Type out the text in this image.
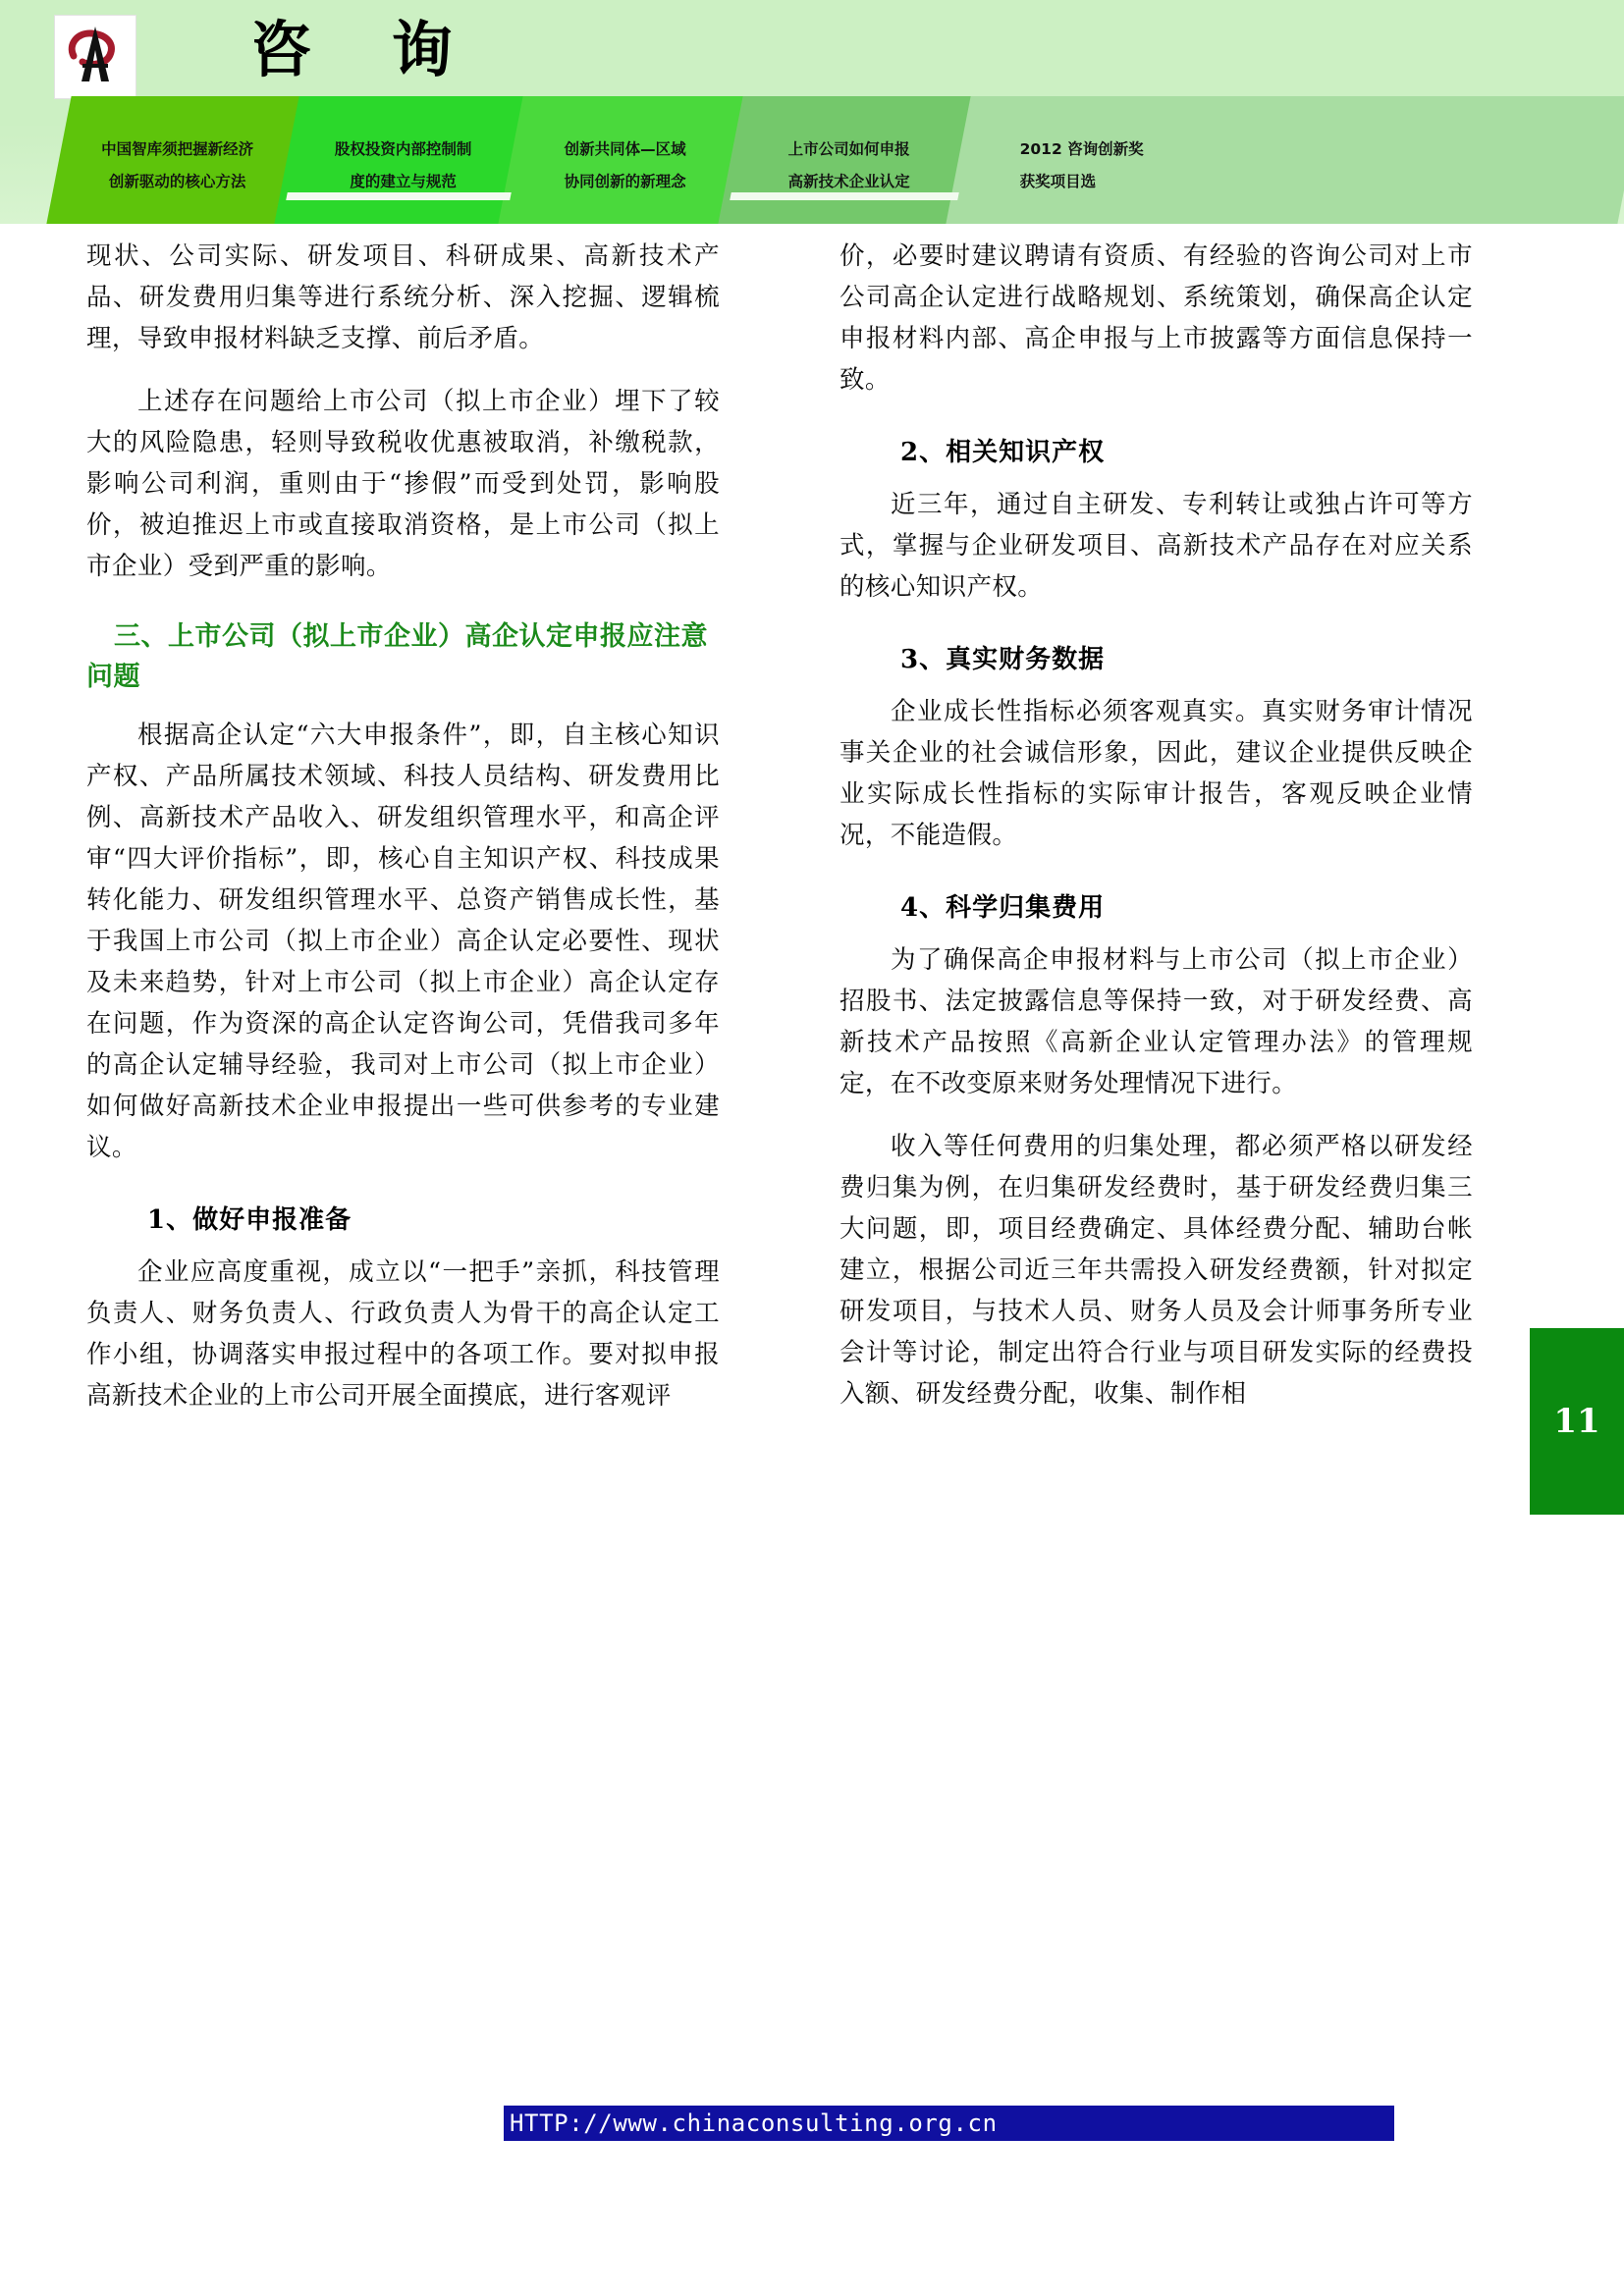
咨 询
中国智库须把握新经济
创新驱动的核心方法
股权投资内部控制制
度的建立与规范
创新共同体—区域
协同创新的新理念
上市公司如何申报
高新技术企业认定
2012 咨询创新奖
获奖项目选

现状、公司实际、研发项目、科研成果、高新技术产品、研发费用归集等进行系统分析、深入挖掘、逻辑梳理，导致申报材料缺乏支撑、前后矛盾。

上述存在问题给上市公司（拟上市企业）埋下了较大的风险隐患，轻则导致税收优惠被取消，补缴税款，影响公司利润，重则由于“掺假”而受到处罚，影响股价，被迫推迟上市或直接取消资格，是上市公司（拟上市企业）受到严重的影响。

三、上市公司（拟上市企业）高企认定申报应注意问题

根据高企认定“六大申报条件”，即，自主核心知识产权、产品所属技术领域、科技人员结构、研发费用比例、高新技术产品收入、研发组织管理水平，和高企评审“四大评价指标”，即，核心自主知识产权、科技成果转化能力、研发组织管理水平、总资产销售成长性，基于我国上市公司（拟上市企业）高企认定必要性、现状及未来趋势，针对上市公司（拟上市企业）高企认定存在问题，作为资深的高企认定咨询公司，凭借我司多年的高企认定辅导经验，我司对上市公司（拟上市企业）如何做好高新技术企业申报提出一些可供参考的专业建议。

1、做好申报准备

企业应高度重视，成立以“一把手”亲抓，科技管理负责人、财务负责人、行政负责人为骨干的高企认定工作小组，协调落实申报过程中的各项工作。要对拟申报高新技术企业的上市公司开展全面摸底，进行客观评

价，必要时建议聘请有资质、有经验的咨询公司对上市公司高企认定进行战略规划、系统策划，确保高企认定申报材料内部、高企申报与上市披露等方面信息保持一致。

2、相关知识产权

近三年，通过自主研发、专利转让或独占许可等方式，掌握与企业研发项目、高新技术产品存在对应关系的核心知识产权。

3、真实财务数据

企业成长性指标必须客观真实。真实财务审计情况事关企业的社会诚信形象，因此，建议企业提供反映企业实际成长性指标的实际审计报告，客观反映企业情况，不能造假。

4、科学归集费用

为了确保高企申报材料与上市公司（拟上市企业）招股书、法定披露信息等保持一致，对于研发经费、高新技术产品按照《高新企业认定管理办法》的管理规定，在不改变原来财务处理情况下进行。

收入等任何费用的归集处理，都必须严格以研发经费归集为例，在归集研发经费时，基于研发经费归集三大问题，即，项目经费确定、具体经费分配、辅助台帐建立，根据公司近三年共需投入研发经费额，针对拟定研发项目，与技术人员、财务人员及会计师事务所专业会计等讨论，制定出符合行业与项目研发实际的经费投入额、研发经费分配，收集、制作相

11
HTTP://www.chinaconsulting.org.cn
